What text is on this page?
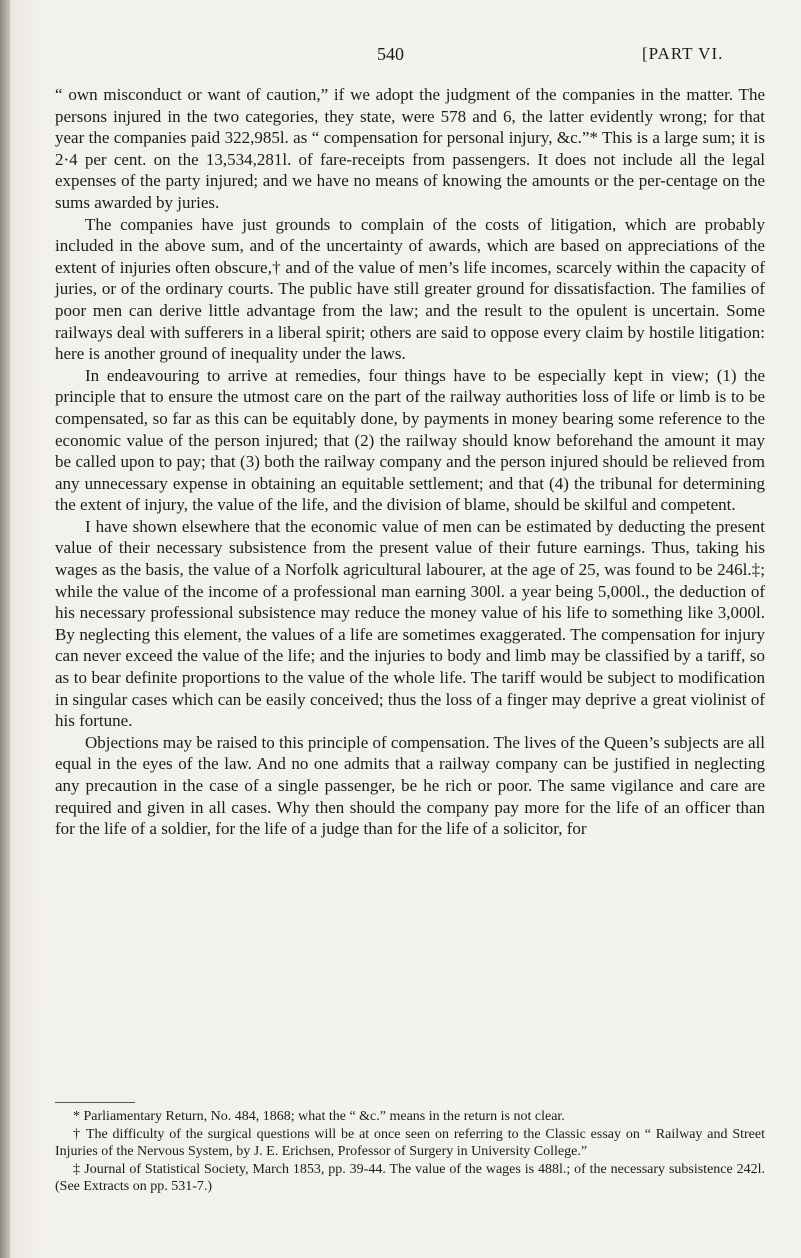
540	[PART VI.

“ own misconduct or want of caution,” if we adopt the judgment of the companies in the matter. The persons injured in the two categories, they state, were 578 and 6, the latter evidently wrong; for that year the companies paid 322,985l. as “ compensation for personal injury, &c.”* This is a large sum; it is 2·4 per cent. on the 13,534,281l. of fare-receipts from passengers. It does not include all the legal expenses of the party injured; and we have no means of knowing the amounts or the per-centage on the sums awarded by juries.

The companies have just grounds to complain of the costs of litigation, which are probably included in the above sum, and of the uncertainty of awards, which are based on appreciations of the extent of injuries often obscure,† and of the value of men’s life incomes, scarcely within the capacity of juries, or of the ordinary courts. The public have still greater ground for dissatisfaction. The families of poor men can derive little advantage from the law; and the result to the opulent is uncertain. Some railways deal with sufferers in a liberal spirit; others are said to oppose every claim by hostile litigation: here is another ground of inequality under the laws.

In endeavouring to arrive at remedies, four things have to be especially kept in view; (1) the principle that to ensure the utmost care on the part of the railway authorities loss of life or limb is to be compensated, so far as this can be equitably done, by payments in money bearing some reference to the economic value of the person injured; that (2) the railway should know beforehand the amount it may be called upon to pay; that (3) both the railway company and the person injured should be relieved from any unnecessary expense in obtaining an equitable settlement; and that (4) the tribunal for determining the extent of injury, the value of the life, and the division of blame, should be skilful and competent.

I have shown elsewhere that the economic value of men can be estimated by deducting the present value of their necessary subsistence from the present value of their future earnings. Thus, taking his wages as the basis, the value of a Norfolk agricultural labourer, at the age of 25, was found to be 246l.‡; while the value of the income of a professional man earning 300l. a year being 5,000l., the deduction of his necessary professional subsistence may reduce the money value of his life to something like 3,000l. By neglecting this element, the values of a life are sometimes exaggerated. The compensation for injury can never exceed the value of the life; and the injuries to body and limb may be classified by a tariff, so as to bear definite proportions to the value of the whole life. The tariff would be subject to modification in singular cases which can be easily conceived; thus the loss of a finger may deprive a great violinist of his fortune.

Objections may be raised to this principle of compensation. The lives of the Queen’s subjects are all equal in the eyes of the law. And no one admits that a railway company can be justified in neglecting any precaution in the case of a single passenger, be he rich or poor. The same vigilance and care are required and given in all cases. Why then should the company pay more for the life of an officer than for the life of a soldier, for the life of a judge than for the life of a solicitor, for

* Parliamentary Return, No. 484, 1868; what the “ &c.” means in the return is not clear.

† The difficulty of the surgical questions will be at once seen on referring to the Classic essay on “ Railway and Street Injuries of the Nervous System, by J. E. Erichsen, Professor of Surgery in University College.”

‡ Journal of Statistical Society, March 1853, pp. 39-44. The value of the wages is 488l.; of the necessary subsistence 242l. (See Extracts on pp. 531-7.)
